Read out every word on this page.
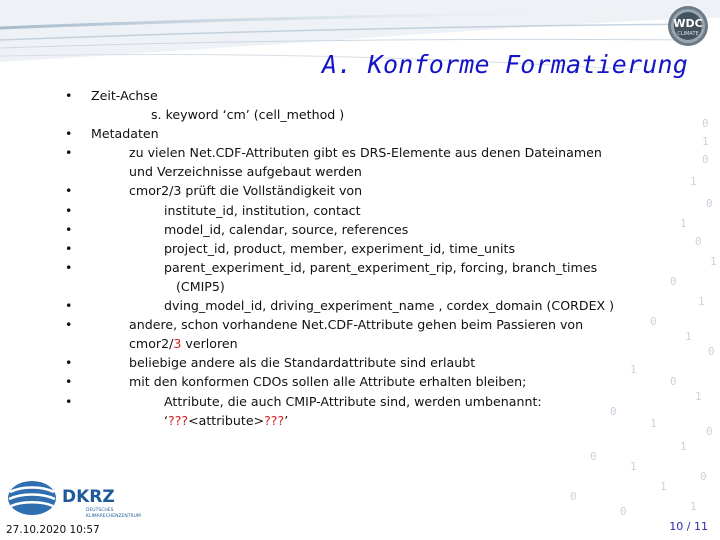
WDC
CLIMATE
A. Konforme Formatierung
0
1
0
1
0
1
0
1
0
1
0
1
0
1
0
1
0
1
0
1
0
1
0
1
0
1
0
• Zeit-Achse
s. keyword ‘cm’ (cell_method )
• Metadaten
• zu vielen Net.CDF-Attributen gibt es DRS-Elemente aus denen Dateinamen
und Verzeichnisse aufgebaut werden
• cmor2/3 prüft die Vollständigkeit von
• institute_id, institution, contact
• model_id, calendar, source, references
• project_id, product, member, experiment_id, time_units
• parent_experiment_id, parent_experiment_rip, forcing, branch_times
(CMIP5)
• dving_model_id, driving_experiment_name , cordex_domain (CORDEX )
• andere, schon vorhandene Net.CDF-Attribute gehen beim Passieren von
cmor2/3 verloren
• beliebige andere als die Standardattribute sind erlaubt
• mit den konformen CDOs sollen alle Attribute erhalten bleiben;
• Attribute, die auch CMIP-Attribute sind, werden umbenannt:
‘???<attribute>???’
DKRZ
DEUTSCHES
KLIMARECHENZENTRUM
27.10.2020 10:57	10 / 11
